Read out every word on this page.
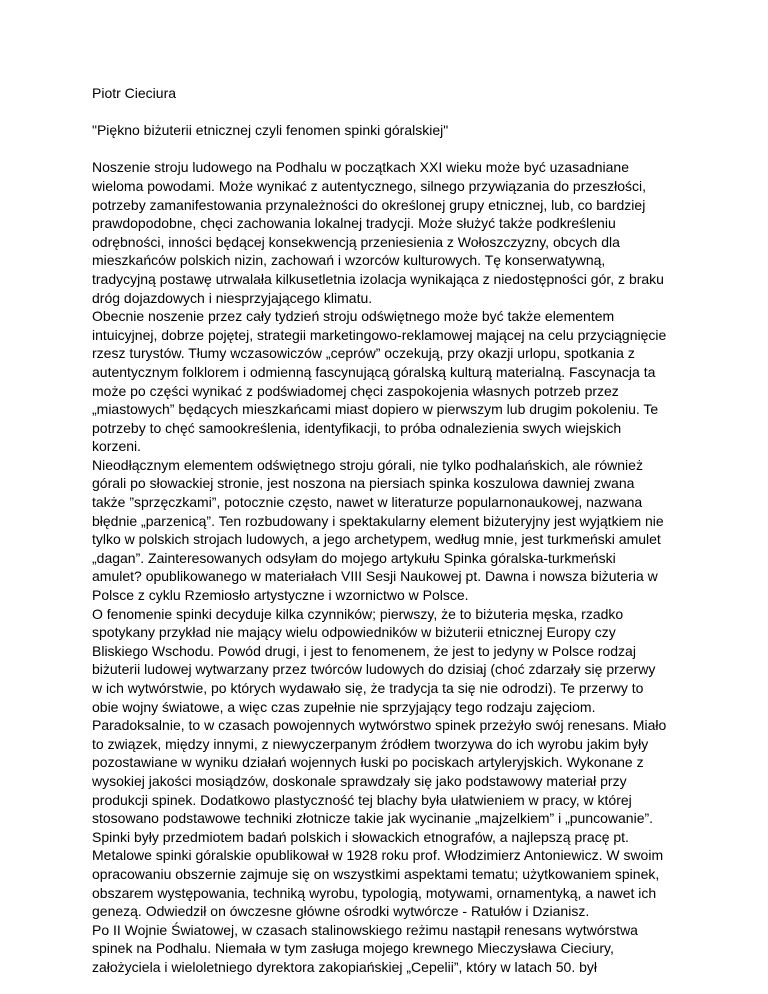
Piotr Cieciura
"Piękno biżuterii etnicznej czyli fenomen spinki góralskiej"
Noszenie stroju ludowego na Podhalu w początkach XXI wieku może być uzasadniane
wieloma powodami. Może wynikać z autentycznego, silnego przywiązania do przeszłości,
potrzeby zamanifestowania przynależności do określonej grupy etnicznej, lub, co bardziej
prawdopodobne, chęci zachowania lokalnej tradycji. Może służyć także podkreśleniu
odrębności, inności będącej konsekwencją przeniesienia z Wołoszczyzny, obcych dla
mieszkańców polskich nizin, zachowań i wzorców kulturowych. Tę konserwatywną,
tradycyjną postawę utrwalała kilkusetletnia izolacja wynikająca z niedostępności gór, z braku
dróg dojazdowych i niesprzyjającego klimatu.
Obecnie noszenie przez cały tydzień stroju odświętnego może być także elementem
intuicyjnej, dobrze pojętej, strategii marketingowo-reklamowej mającej na celu przyciągnięcie
rzesz turystów. Tłumy wczasowiczów „ceprów” oczekują, przy okazji urlopu, spotkania z
autentycznym folklorem i odmienną fascynującą góralską kulturą materialną. Fascynacja ta
może po części wynikać z podświadomej chęci zaspokojenia własnych potrzeb przez
„miastowych” będących mieszkańcami miast dopiero w pierwszym lub drugim pokoleniu. Te
potrzeby to chęć samookreślenia, identyfikacji, to próba odnalezienia swych wiejskich
korzeni.
Nieodłącznym elementem odświętnego stroju górali, nie tylko podhalańskich, ale również
górali po słowackiej stronie, jest noszona na piersiach spinka koszulowa dawniej zwana
także ”sprzęczkami”, potocznie często, nawet w literaturze popularnonaukowej, nazwana
błędnie „parzenicą”. Ten rozbudowany i spektakularny element biżuteryjny jest wyjątkiem nie
tylko w polskich strojach ludowych, a jego archetypem, według mnie, jest turkmeński amulet
„dagan”. Zainteresowanych odsyłam do mojego artykułu Spinka góralska-turkmeński
amulet? opublikowanego w materiałach VIII Sesji Naukowej pt. Dawna i nowsza biżuteria w
Polsce z cyklu Rzemiosło artystyczne i wzornictwo w Polsce.
O fenomenie spinki decyduje kilka czynników; pierwszy, że to biżuteria męska, rzadko
spotykany przykład nie mający wielu odpowiedników w biżuterii etnicznej Europy czy
Bliskiego Wschodu. Powód drugi, i jest to fenomenem, że jest to jedyny w Polsce rodzaj
biżuterii ludowej wytwarzany przez twórców ludowych do dzisiaj (choć zdarzały się przerwy
w ich wytwórstwie, po których wydawało się, że tradycja ta się nie odrodzi). Te przerwy to
obie wojny światowe, a więc czas zupełnie nie sprzyjający tego rodzaju zajęciom.
Paradoksalnie, to w czasach powojennych wytwórstwo spinek przeżyło swój renesans. Miało
to związek, między innymi, z niewyczerpanym źródłem tworzywa do ich wyrobu jakim były
pozostawiane w wyniku działań wojennych łuski po pociskach artyleryjskich. Wykonane z
wysokiej jakości mosiądzów, doskonale sprawdzały się jako podstawowy materiał przy
produkcji spinek. Dodatkowo plastyczność tej blachy była ułatwieniem w pracy, w której
stosowano podstawowe techniki złotnicze takie jak wycinanie „majzelkiem” i „puncowanie”.
Spinki były przedmiotem badań polskich i słowackich etnografów, a najlepszą pracę pt.
Metalowe spinki góralskie opublikował w 1928 roku prof. Włodzimierz Antoniewicz. W swoim
opracowaniu obszernie zajmuje się on wszystkimi aspektami tematu; użytkowaniem spinek,
obszarem występowania, techniką wyrobu, typologią, motywami, ornamentyką, a nawet ich
genezą. Odwiedził on ówczesne główne ośrodki wytwórcze - Ratułów i Dzianisz.
Po II Wojnie Światowej, w czasach stalinowskiego reżimu nastąpił renesans wytwórstwa
spinek na Podhalu. Niemała w tym zasługa mojego krewnego Mieczysława Cieciury,
założyciela i wieloletniego dyrektora zakopiańskiej „Cepelii”, który w latach 50. był
